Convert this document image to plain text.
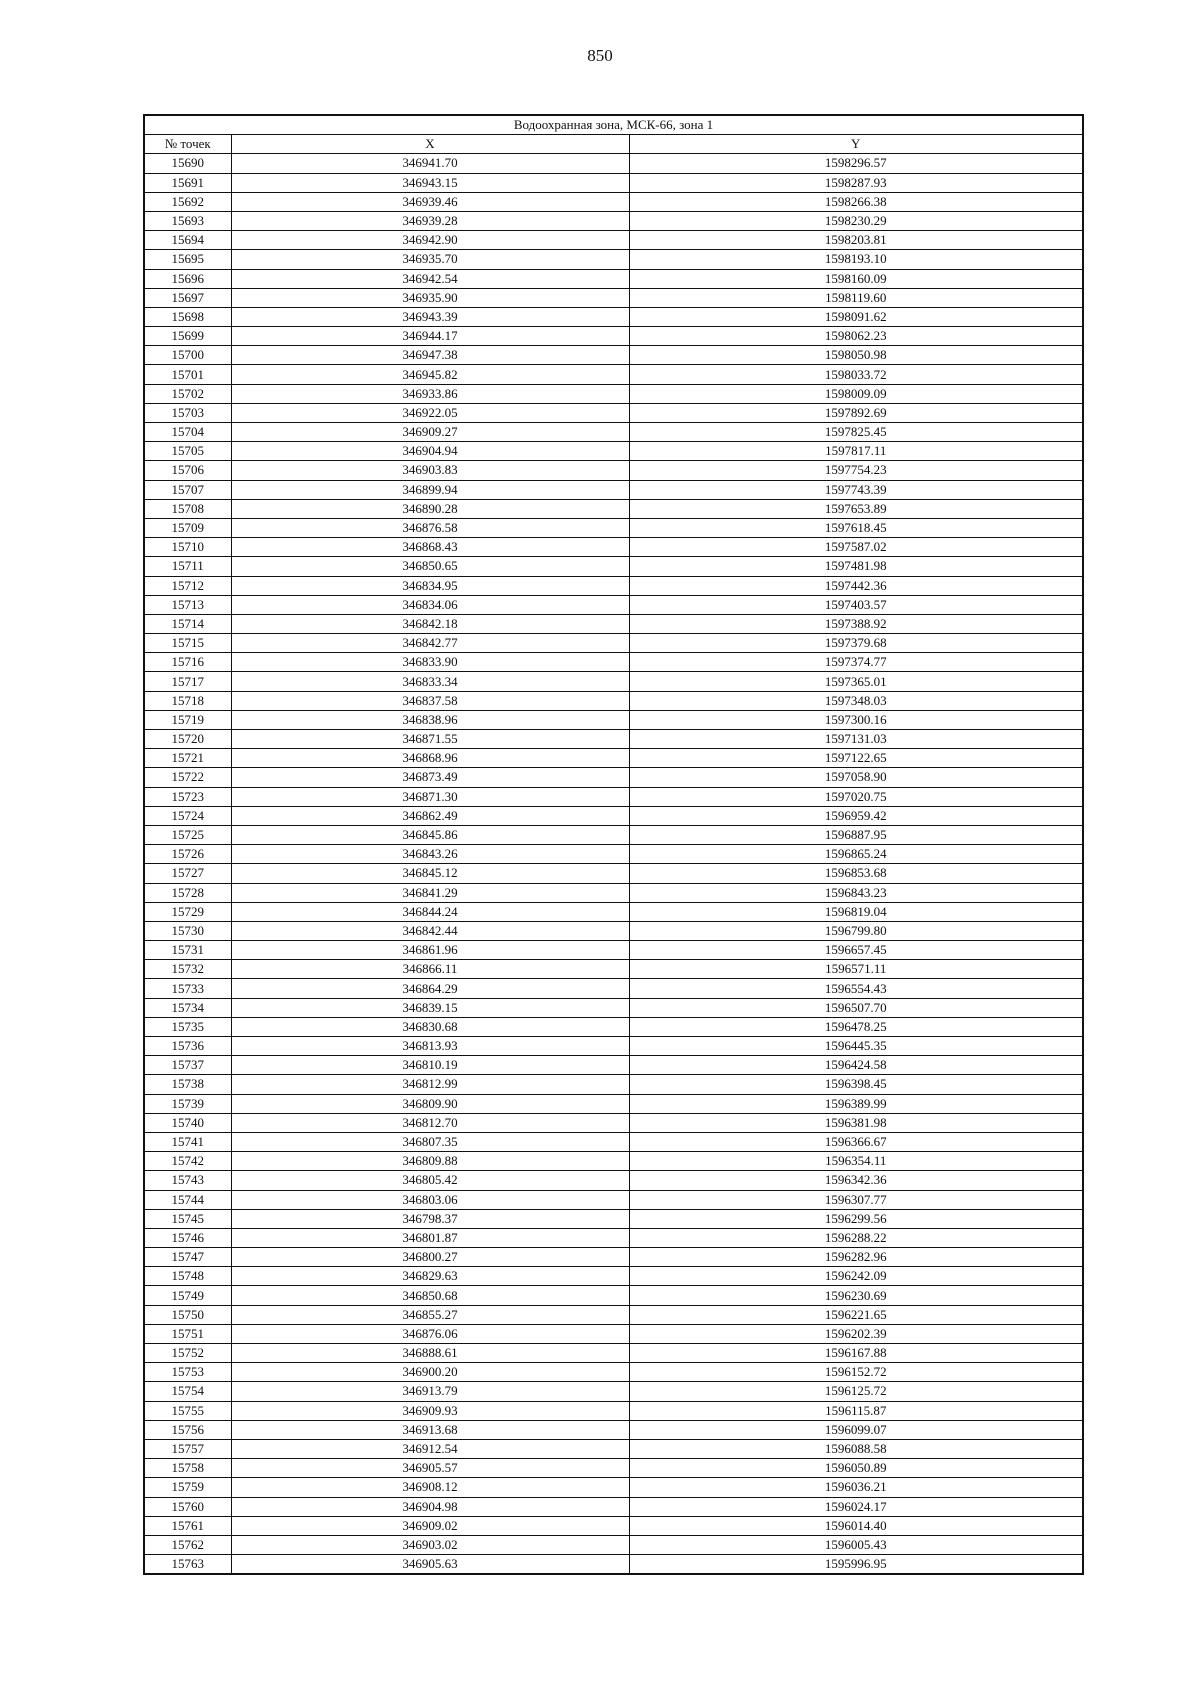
850
Водоохранная зона, МСК-66, зона 1		
№ точек	X	Y
15690	346941.70	1598296.57
15691	346943.15	1598287.93
15692	346939.46	1598266.38
15693	346939.28	1598230.29
15694	346942.90	1598203.81
15695	346935.70	1598193.10
15696	346942.54	1598160.09
15697	346935.90	1598119.60
15698	346943.39	1598091.62
15699	346944.17	1598062.23
15700	346947.38	1598050.98
15701	346945.82	1598033.72
15702	346933.86	1598009.09
15703	346922.05	1597892.69
15704	346909.27	1597825.45
15705	346904.94	1597817.11
15706	346903.83	1597754.23
15707	346899.94	1597743.39
15708	346890.28	1597653.89
15709	346876.58	1597618.45
15710	346868.43	1597587.02
15711	346850.65	1597481.98
15712	346834.95	1597442.36
15713	346834.06	1597403.57
15714	346842.18	1597388.92
15715	346842.77	1597379.68
15716	346833.90	1597374.77
15717	346833.34	1597365.01
15718	346837.58	1597348.03
15719	346838.96	1597300.16
15720	346871.55	1597131.03
15721	346868.96	1597122.65
15722	346873.49	1597058.90
15723	346871.30	1597020.75
15724	346862.49	1596959.42
15725	346845.86	1596887.95
15726	346843.26	1596865.24
15727	346845.12	1596853.68
15728	346841.29	1596843.23
15729	346844.24	1596819.04
15730	346842.44	1596799.80
15731	346861.96	1596657.45
15732	346866.11	1596571.11
15733	346864.29	1596554.43
15734	346839.15	1596507.70
15735	346830.68	1596478.25
15736	346813.93	1596445.35
15737	346810.19	1596424.58
15738	346812.99	1596398.45
15739	346809.90	1596389.99
15740	346812.70	1596381.98
15741	346807.35	1596366.67
15742	346809.88	1596354.11
15743	346805.42	1596342.36
15744	346803.06	1596307.77
15745	346798.37	1596299.56
15746	346801.87	1596288.22
15747	346800.27	1596282.96
15748	346829.63	1596242.09
15749	346850.68	1596230.69
15750	346855.27	1596221.65
15751	346876.06	1596202.39
15752	346888.61	1596167.88
15753	346900.20	1596152.72
15754	346913.79	1596125.72
15755	346909.93	1596115.87
15756	346913.68	1596099.07
15757	346912.54	1596088.58
15758	346905.57	1596050.89
15759	346908.12	1596036.21
15760	346904.98	1596024.17
15761	346909.02	1596014.40
15762	346903.02	1596005.43
15763	346905.63	1595996.95
